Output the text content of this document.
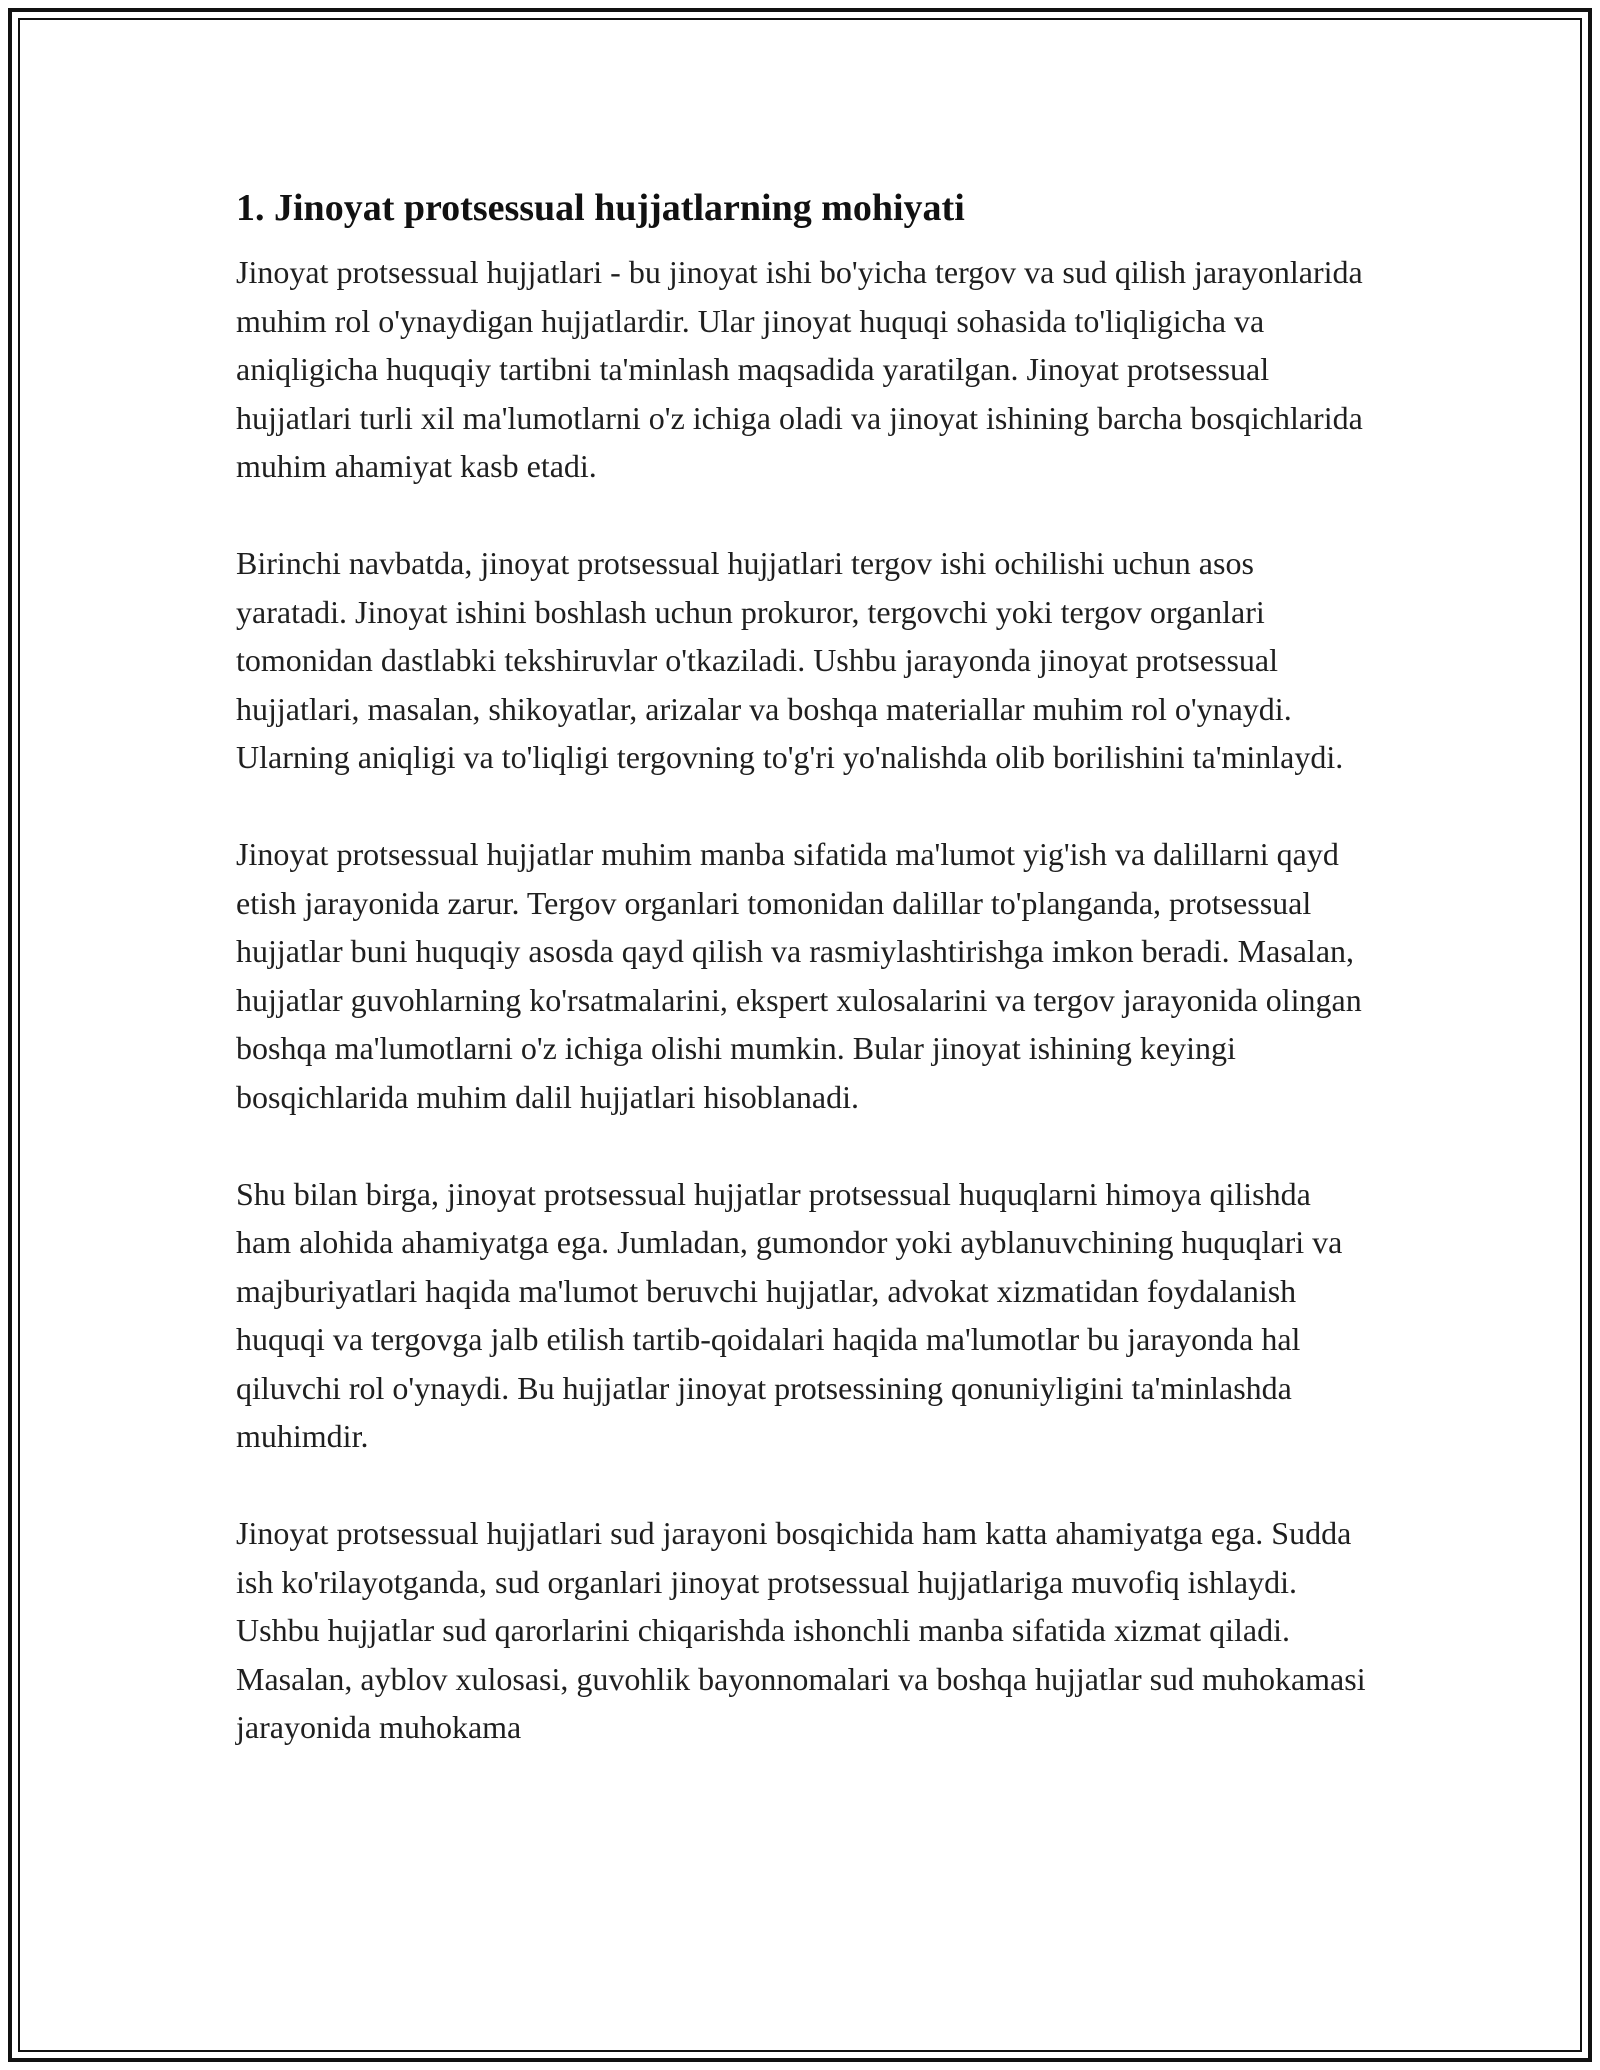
1. Jinoyat protsessual hujjatlarning mohiyati

Jinoyat protsessual hujjatlari - bu jinoyat ishi bo'yicha tergov va sud qilish jarayonlarida muhim rol o'ynaydigan hujjatlardir. Ular jinoyat huquqi sohasida to'liqligicha va aniqligicha huquqiy tartibni ta'minlash maqsadida yaratilgan. Jinoyat protsessual hujjatlari turli xil ma'lumotlarni o'z ichiga oladi va jinoyat ishining barcha bosqichlarida muhim ahamiyat kasb etadi.

Birinchi navbatda, jinoyat protsessual hujjatlari tergov ishi ochilishi uchun asos yaratadi. Jinoyat ishini boshlash uchun prokuror, tergovchi yoki tergov organlari tomonidan dastlabki tekshiruvlar o'tkaziladi. Ushbu jarayonda jinoyat protsessual hujjatlari, masalan, shikoyatlar, arizalar va boshqa materiallar muhim rol o'ynaydi. Ularning aniqligi va to'liqligi tergovning to'g'ri yo'nalishda olib borilishini ta'minlaydi.

Jinoyat protsessual hujjatlar muhim manba sifatida ma'lumot yig'ish va dalillarni qayd etish jarayonida zarur. Tergov organlari tomonidan dalillar to'planganda, protsessual hujjatlar buni huquqiy asosda qayd qilish va rasmiylashtirishga imkon beradi. Masalan, hujjatlar guvohlarning ko'rsatmalarini, ekspert xulosalarini va tergov jarayonida olingan boshqa ma'lumotlarni o'z ichiga olishi mumkin. Bular jinoyat ishining keyingi bosqichlarida muhim dalil hujjatlari hisoblanadi.

Shu bilan birga, jinoyat protsessual hujjatlar protsessual huquqlarni himoya qilishda ham alohida ahamiyatga ega. Jumladan, gumondor yoki ayblanuvchining huquqlari va majburiyatlari haqida ma'lumot beruvchi hujjatlar, advokat xizmatidan foydalanish huquqi va tergovga jalb etilish tartib-qoidalari haqida ma'lumotlar bu jarayonda hal qiluvchi rol o'ynaydi. Bu hujjatlar jinoyat protsessining qonuniyligini ta'minlashda muhimdir.

Jinoyat protsessual hujjatlari sud jarayoni bosqichida ham katta ahamiyatga ega. Sudda ish ko'rilayotganda, sud organlari jinoyat protsessual hujjatlariga muvofiq ishlaydi. Ushbu hujjatlar sud qarorlarini chiqarishda ishonchli manba sifatida xizmat qiladi. Masalan, ayblov xulosasi, guvohlik bayonnomalari va boshqa hujjatlar sud muhokamasi jarayonida muhokama
